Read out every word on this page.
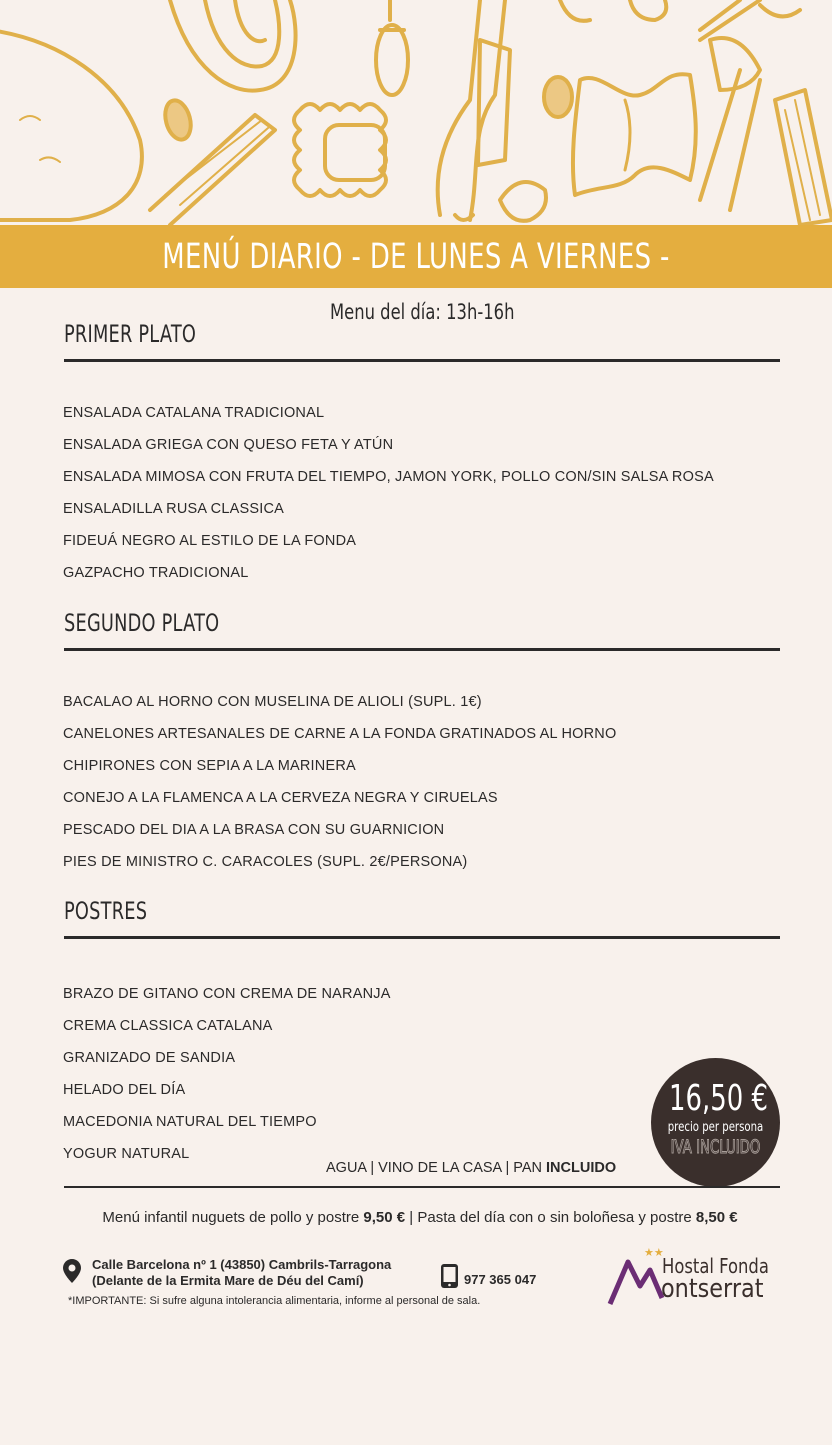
MENÚ DIARIO - DE LUNES A VIERNES -
Menu del día: 13h-16h
PRIMER PLATO
ENSALADA CATALANA TRADICIONAL
ENSALADA GRIEGA CON QUESO FETA Y ATÚN
ENSALADA MIMOSA CON FRUTA DEL TIEMPO, JAMON YORK, POLLO CON/SIN SALSA ROSA
ENSALADILLA RUSA CLASSICA
FIDEUÁ NEGRO AL ESTILO DE LA FONDA
GAZPACHO TRADICIONAL
SEGUNDO PLATO
BACALAO AL HORNO CON MUSELINA DE ALIOLI (SUPL. 1€)
CANELONES ARTESANALES DE CARNE A LA FONDA GRATINADOS AL HORNO
CHIPIRONES CON SEPIA A LA MARINERA
CONEJO A LA FLAMENCA A LA CERVEZA NEGRA Y CIRUELAS
PESCADO DEL DIA A LA BRASA CON SU GUARNICION
PIES DE MINISTRO C. CARACOLES (SUPL. 2€/PERSONA)
POSTRES
BRAZO DE GITANO CON CREMA DE NARANJA
CREMA CLASSICA CATALANA
GRANIZADO DE SANDIA
HELADO DEL DÍA
MACEDONIA NATURAL DEL TIEMPO
YOGUR NATURAL
AGUA | VINO DE LA CASA | PAN INCLUIDO
16,50 €
precio per persona
IVA INCLUIDO
Menú infantil nuguets de pollo y postre 9,50 € | Pasta del día con o sin boloñesa y postre 8,50 €
Calle Barcelona nº 1 (43850) Cambrils-Tarragona
(Delante de la Ermita Mare de Déu del Camí)	977 365 047
*IMPORTANTE: Si sufre alguna intolerancia alimentaria, informe al personal de sala.
★★
Hostal Fonda
ontserrat
